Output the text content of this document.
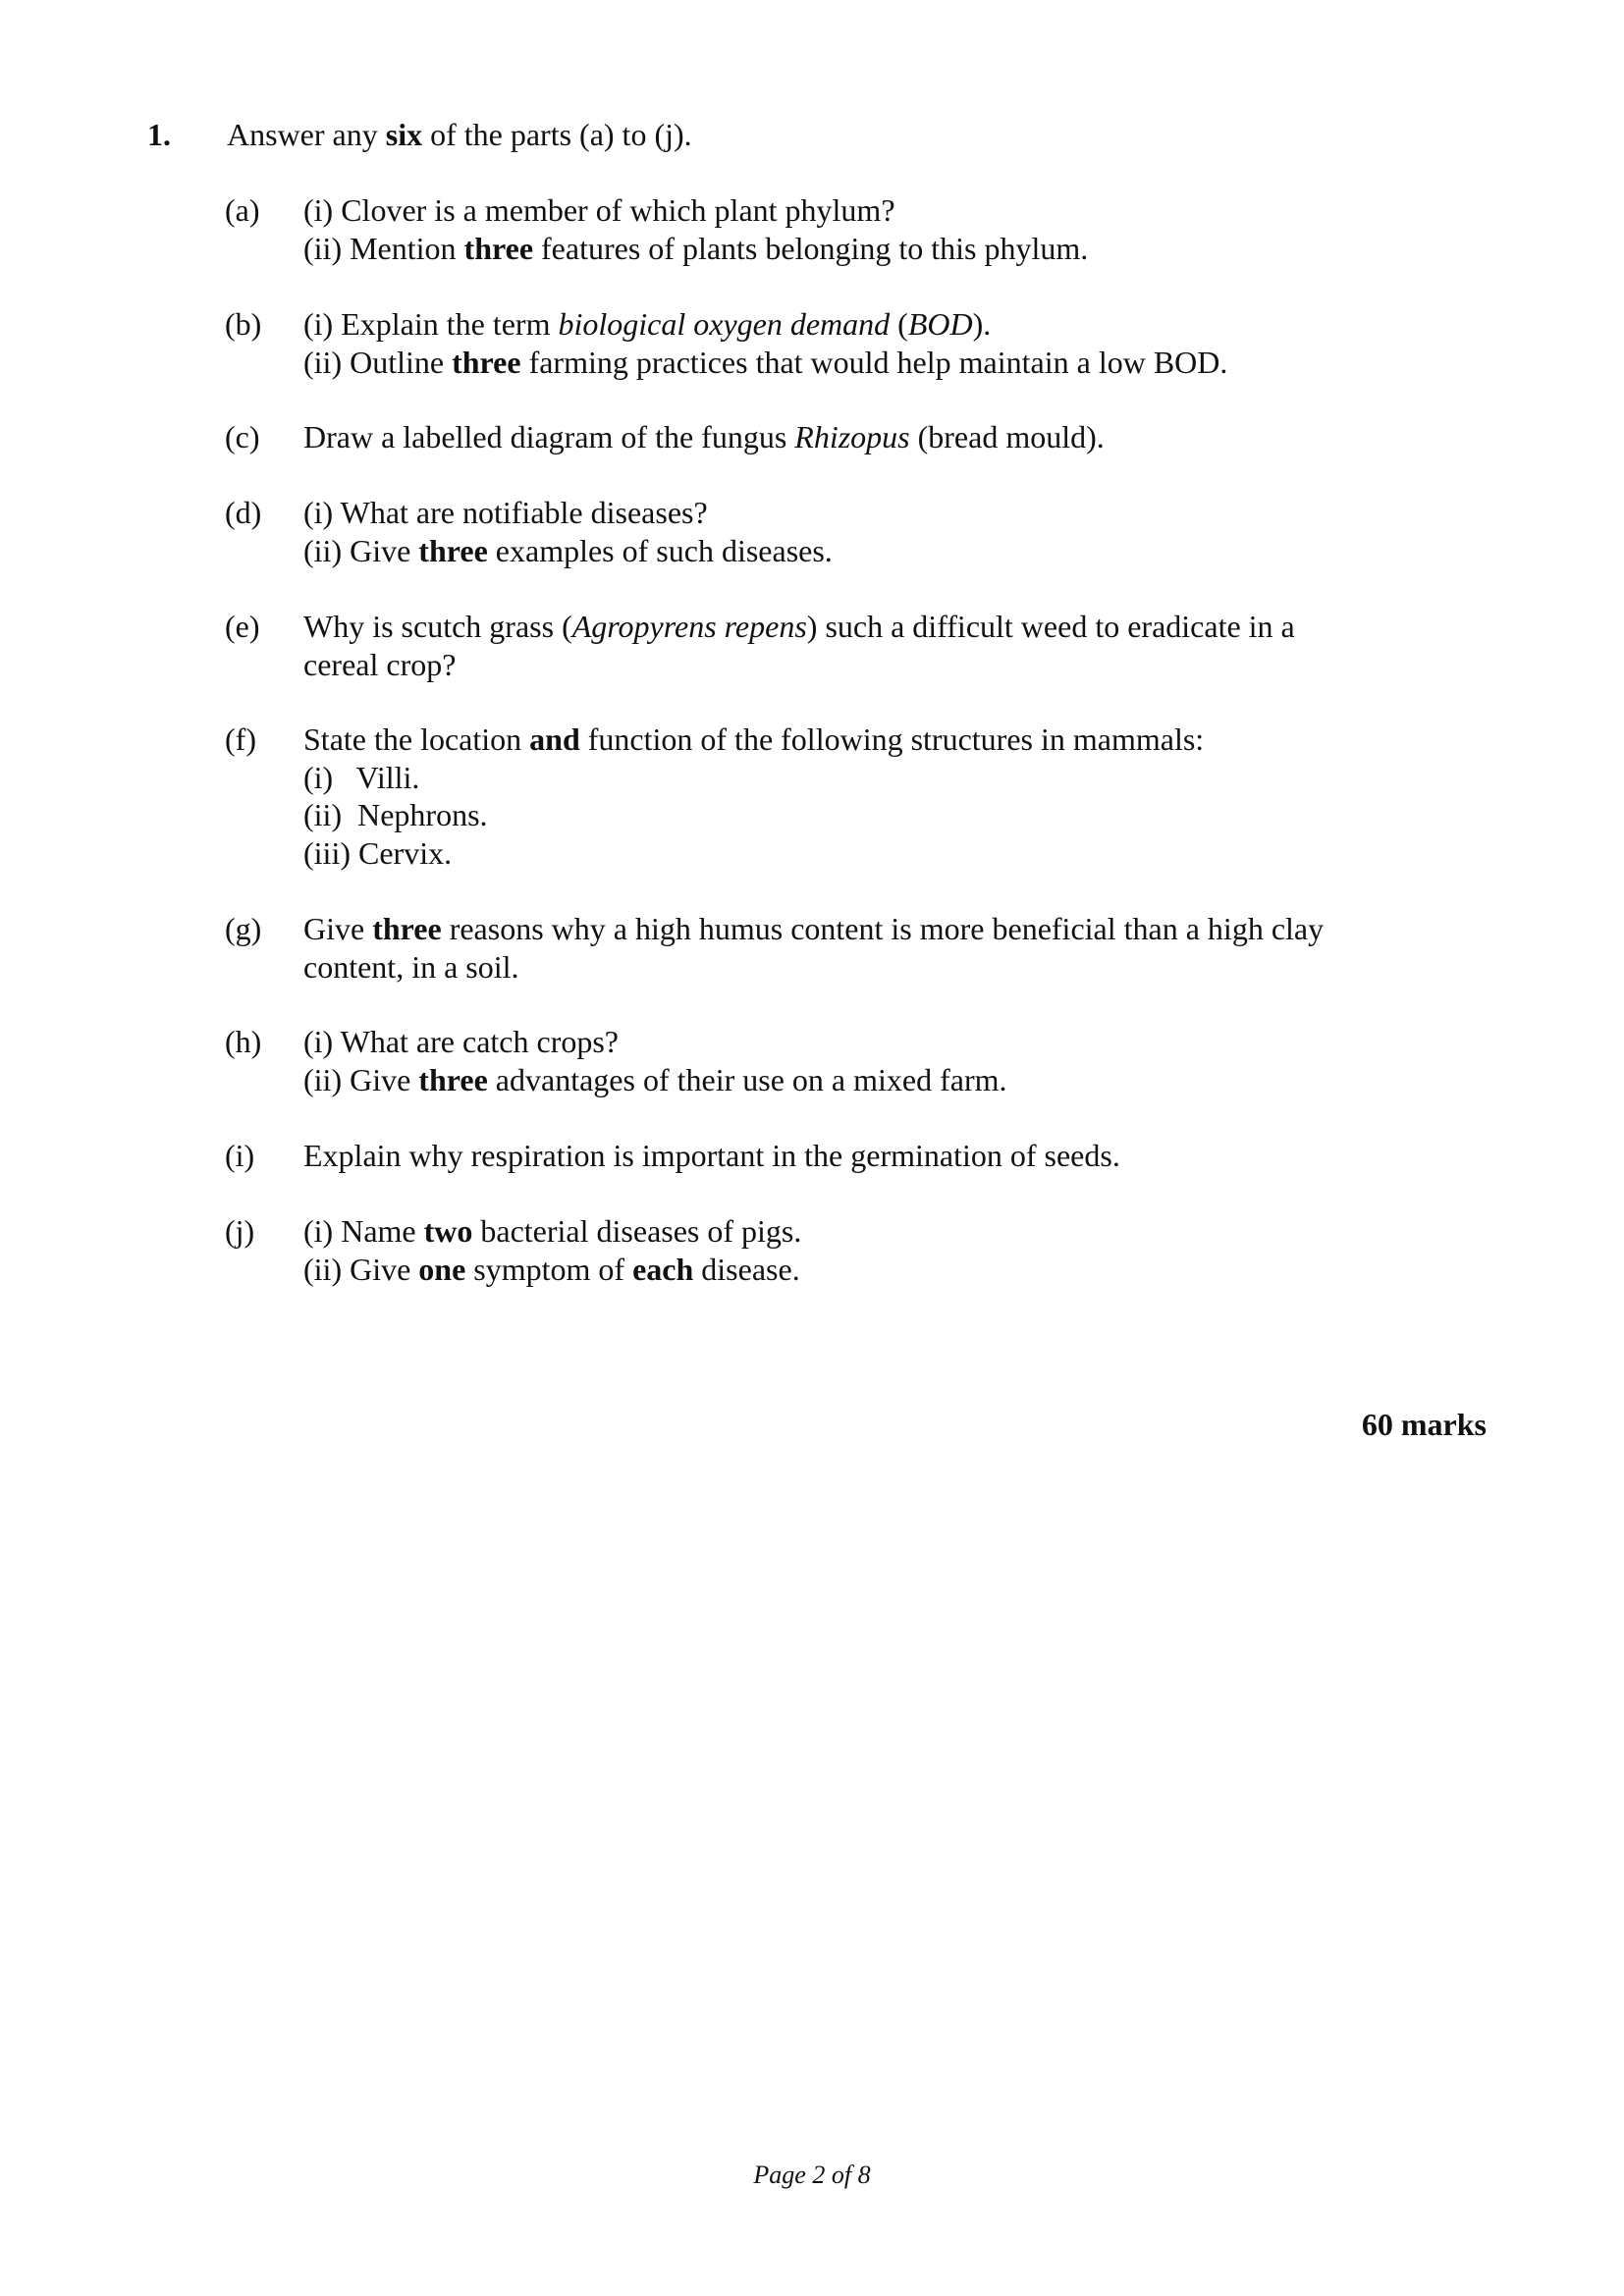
1. Answer any six of the parts (a) to (j).
(a) (i) Clover is a member of which plant phylum?
(ii) Mention three features of plants belonging to this phylum.
(b) (i) Explain the term biological oxygen demand (BOD).
(ii) Outline three farming practices that would help maintain a low BOD.
(c) Draw a labelled diagram of the fungus Rhizopus (bread mould).
(d) (i) What are notifiable diseases?
(ii) Give three examples of such diseases.
(e) Why is scutch grass (Agropyrens repens) such a difficult weed to eradicate in a
cereal crop?
(f) State the location and function of the following structures in mammals:
(i)   Villi.
(ii)  Nephrons.
(iii) Cervix.
(g) Give three reasons why a high humus content is more beneficial than a high clay
content, in a soil.
(h) (i) What are catch crops?
(ii) Give three advantages of their use on a mixed farm.
(i) Explain why respiration is important in the germination of seeds.
(j) (i) Name two bacterial diseases of pigs.
(ii) Give one symptom of each disease.
60 marks
Page 2 of 8
